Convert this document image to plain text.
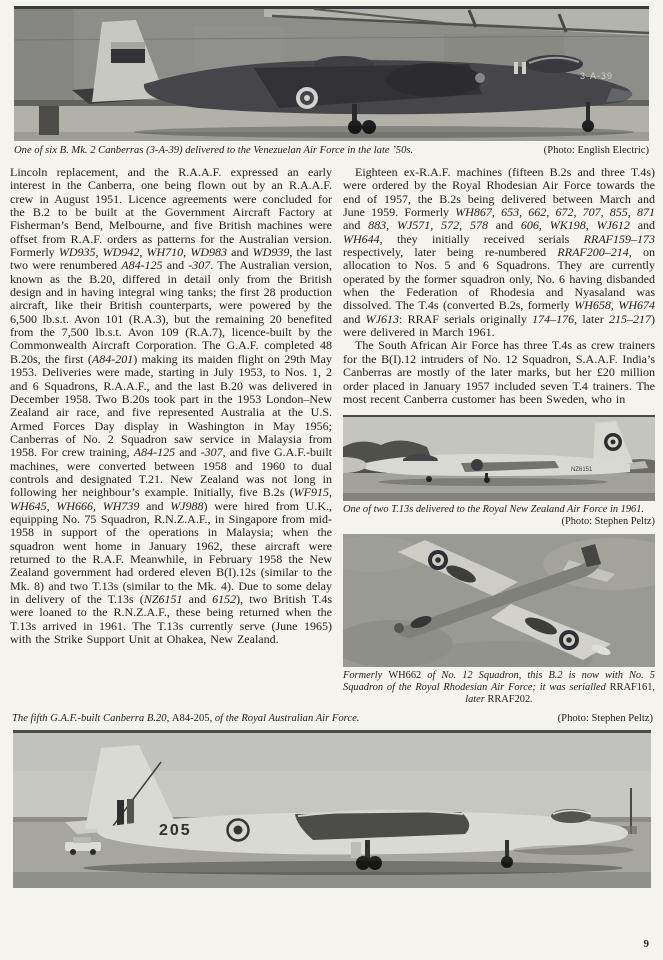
3-A-39
One of six B. Mk. 2 Canberras (3-A-39) delivered to the Venezuelan Air Force in the late ’50s.	(Photo: English Electric)

Lincoln replacement, and the R.A.A.F. expressed an early interest in the Canberra, one being flown out by an R.A.A.F. crew in August 1951. Licence agreements were concluded for the B.2 to be built at the Government Aircraft Factory at Fisherman’s Bend, Melbourne, and five British machines were offset from R.A.F. orders as patterns for the Australian version. Formerly WD935, WD942, WH710, WD983 and WD939, the last two were renumbered A84-125 and -307. The Australian version, known as the B.20, differed in detail only from the British design and in having integral wing tanks; the first 28 production aircraft, like their British counterparts, were powered by the 6,500 lb.s.t. Avon 101 (R.A.3), but the remaining 20 benefited from the 7,500 lb.s.t. Avon 109 (R.A.7), licence-built by the Commonwealth Aircraft Corporation. The G.A.F. completed 48 B.20s, the first (A84-201) making its maiden flight on 29th May 1953. Deliveries were made, starting in July 1953, to Nos. 1, 2 and 6 Squadrons, R.A.A.F., and the last B.20 was delivered in December 1958. Two B.20s took part in the 1953 London–New Zealand air race, and five represented Australia at the U.S. Armed Forces Day display in Washington in May 1956; Canberras of No. 2 Squadron saw service in Malaysia from 1958. For crew training, A84-125 and -307, and five G.A.F.-built machines, were converted between 1958 and 1960 to dual controls and designated T.21. New Zealand was not long in following her neighbour’s example. Initially, five B.2s (WF915, WH645, WH666, WH739 and WJ988) were hired from U.K., equipping No. 75 Squadron, R.N.Z.A.F., in Singapore from mid-1958 in support of the operations in Malaysia; when the squadron went home in January 1962, these aircraft were returned to the R.A.F. Meanwhile, in February 1958 the New Zealand government had ordered eleven B(I).12s (similar to the Mk. 8) and two T.13s (similar to the Mk. 4). Due to some delay in delivery of the T.13s (NZ6151 and 6152), two British T.4s were loaned to the R.N.Z.A.F., these being returned when the T.13s arrived in 1961. The T.13s currently serve (June 1965) with the Strike Support Unit at Ohakea, New Zealand.

Eighteen ex-R.A.F. machines (fifteen B.2s and three T.4s) were ordered by the Royal Rhodesian Air Force towards the end of 1957, the B.2s being delivered between March and June 1959. Formerly WH867, 653, 662, 672, 707, 855, 871 and 883, WJ571, 572, 578 and 606, WK198, WJ612 and WH644, they initially received serials RRAF159–173 respectively, later being re-numbered RRAF200–214, on allocation to Nos. 5 and 6 Squadrons. They are currently operated by the former squadron only, No. 6 having disbanded when the Federation of Rhodesia and Nyasaland was dissolved. The T.4s (converted B.2s, formerly WH658, WH674 and WJ613: RRAF serials originally 174–176, later 215–217) were delivered in March 1961.

The South African Air Force has three T.4s as crew trainers for the B(I).12 intruders of No. 12 Squadron, S.A.A.F. India’s Canberras are mostly of the later marks, but her £20 million order placed in January 1957 included seven T.4 trainers. The most recent Canberra customer has been Sweden, who in

NZ6151
One of two T.13s delivered to the Royal New Zealand Air Force in 1961.
(Photo: Stephen Peltz)
Formerly WH662 of No. 12 Squadron, this B.2 is now with No. 5 Squadron of the Royal Rhodesian Air Force; it was serialled RRAF161, later RRAF202.
The fifth G.A.F.-built Canberra B.20, A84-205, of the Royal Australian Air Force.	(Photo: Stephen Peltz)
205
9
